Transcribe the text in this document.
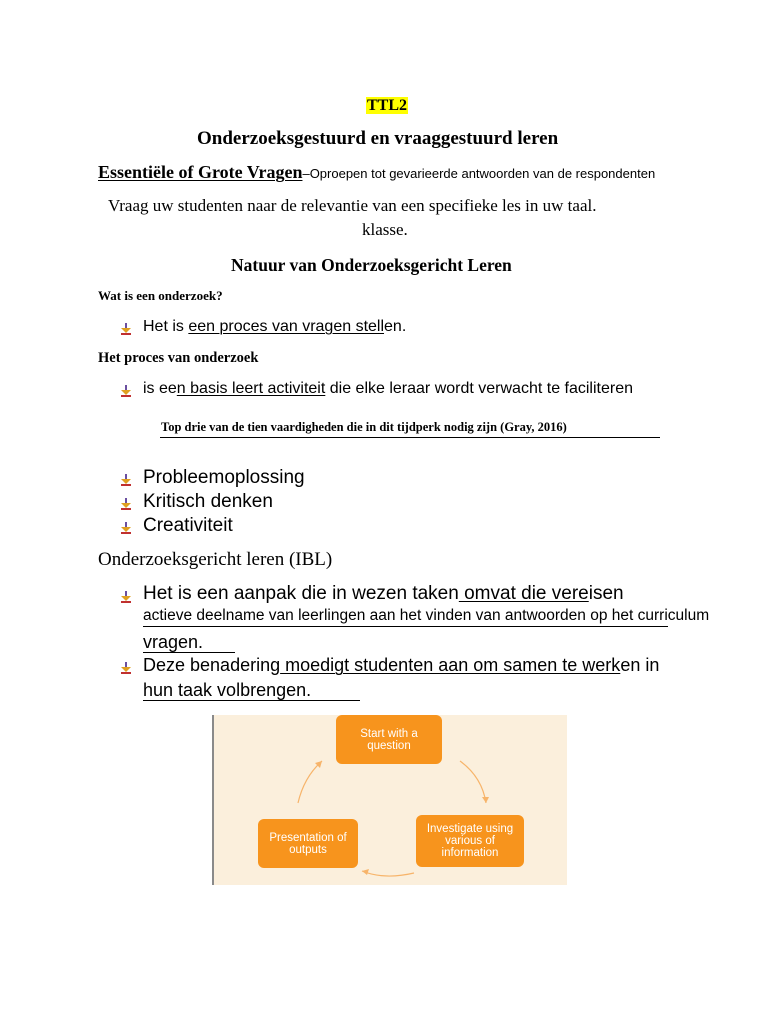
TTL2
Onderzoeksgestuurd en vraaggestuurd leren
Essentiële of Grote Vragen–Oproepen tot gevarieerde antwoorden van de respondenten
Vraag uw studenten naar de relevantie van een specifieke les in uw taal.
klasse.
Natuur van Onderzoeksgericht Leren
Wat is een onderzoek?
Het is een proces van vragen stellen.
Het proces van onderzoek
is een basis leert activiteit die elke leraar wordt verwacht te faciliteren
Top drie van de tien vaardigheden die in dit tijdperk nodig zijn (Gray, 2016)
Probleemoplossing
Kritisch denken
Creativiteit
Onderzoeksgericht leren (IBL)
Het is een aanpak die in wezen taken omvat die vereisen
actieve deelname van leerlingen aan het vinden van antwoorden op het curriculum
vragen.
Deze benadering moedigt studenten aan om samen te werken in
hun taak volbrengen.
Start with a question
Investigate using various of information
Presentation of outputs
